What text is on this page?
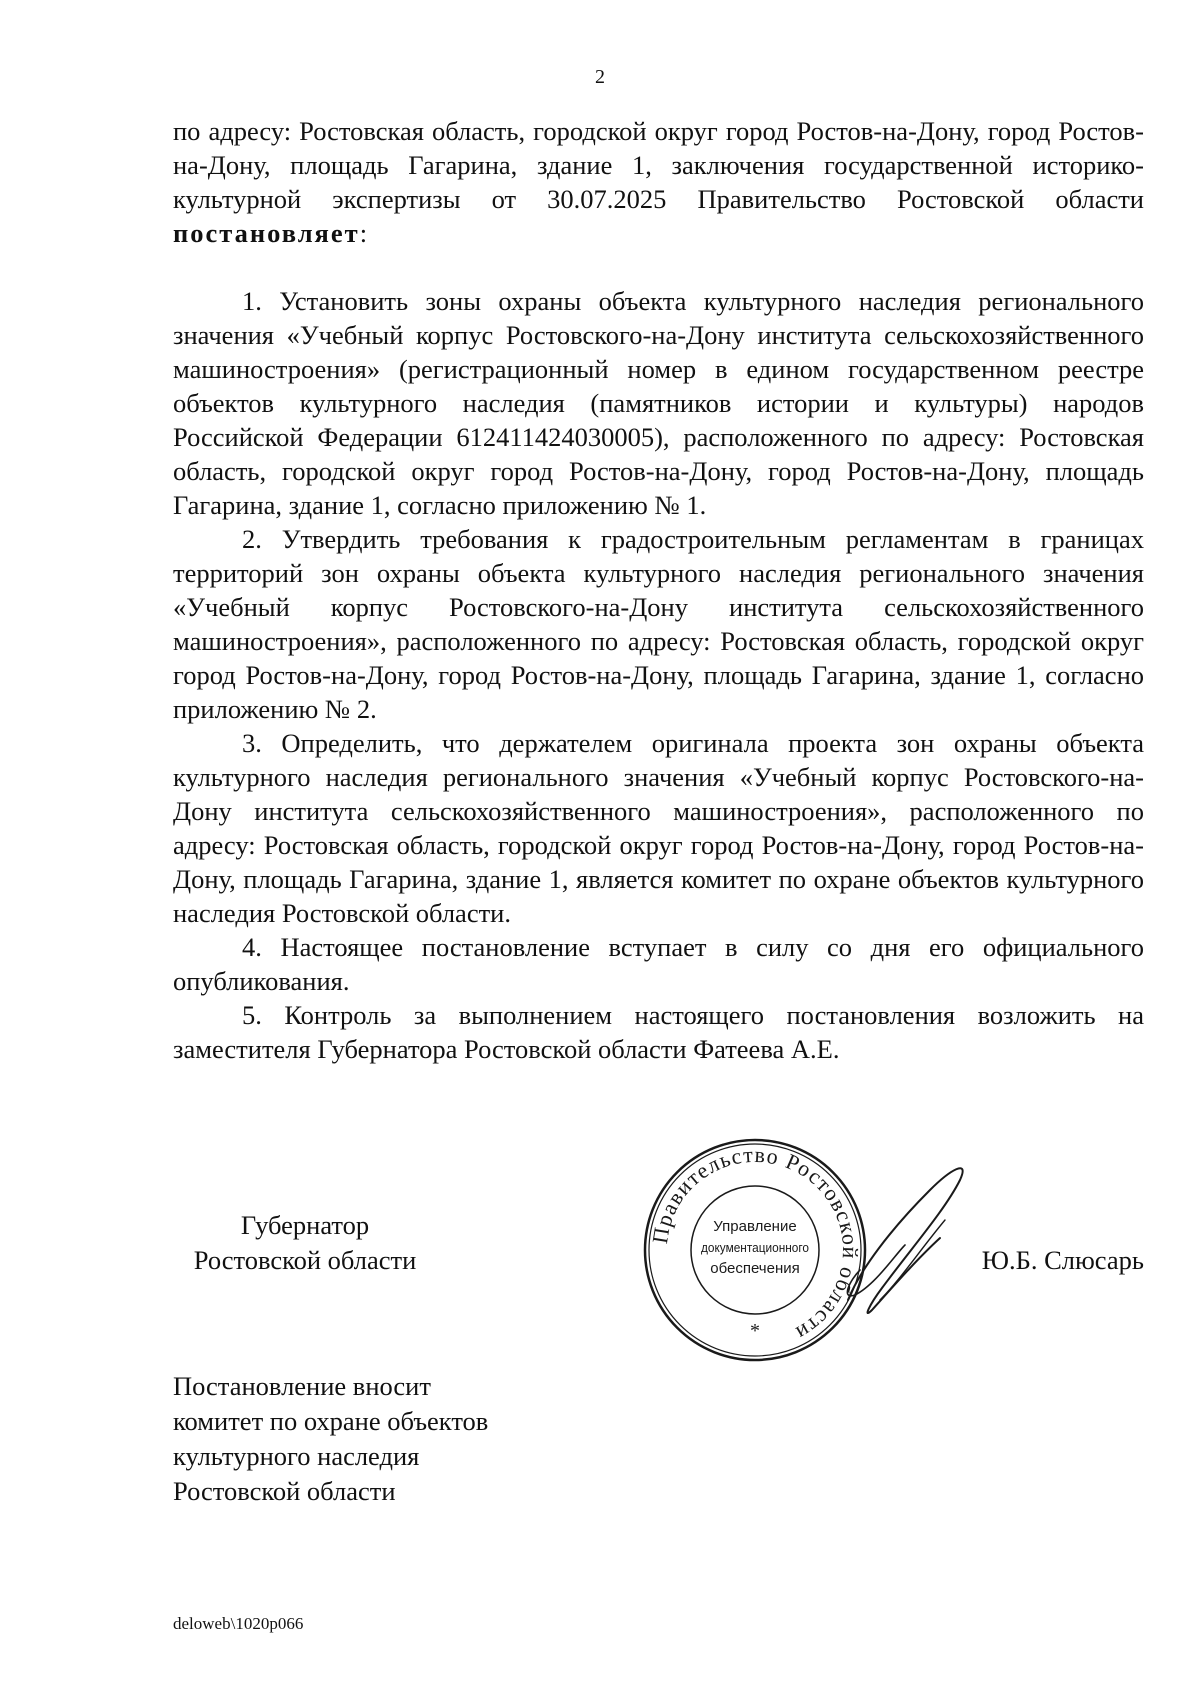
2

по адресу: Ростовская область, городской округ город Ростов-на-Дону, город Ростов-на-Дону, площадь Гагарина, здание 1, заключения государственной историко-культурной экспертизы от 30.07.2025 Правительство Ростовской области постановляет:

1. Установить зоны охраны объекта культурного наследия регионального значения «Учебный корпус Ростовского-на-Дону института сельскохозяйственного машиностроения» (регистрационный номер в едином государственном реестре объектов культурного наследия (памятников истории и культуры) народов Российской Федерации 612411424030005), расположенного по адресу: Ростовская область, городской округ город Ростов-на-Дону, город Ростов-на-Дону, площадь Гагарина, здание 1, согласно приложению № 1.

2. Утвердить требования к градостроительным регламентам в границах территорий зон охраны объекта культурного наследия регионального значения «Учебный корпус Ростовского-на-Дону института сельскохозяйственного машиностроения», расположенного по адресу: Ростовская область, городской округ город Ростов-на-Дону, город Ростов-на-Дону, площадь Гагарина, здание 1, согласно приложению № 2.

3. Определить, что держателем оригинала проекта зон охраны объекта культурного наследия регионального значения «Учебный корпус Ростовского-на-Дону института сельскохозяйственного машиностроения», расположенного по адресу: Ростовская область, городской округ город Ростов-на-Дону, город Ростов-на-Дону, площадь Гагарина, здание 1, является комитет по охране объектов культурного наследия Ростовской области.

4. Настоящее постановление вступает в силу со дня его официального опубликования.

5. Контроль за выполнением настоящего постановления возложить на заместителя Губернатора Ростовской области Фатеева А.Е.

Губернатор
Ростовской области
Правительство Ростовской области
Управление
документационного
обеспечения
*
Ю.Б. Слюсарь
Постановление вносит
комитет по охране объектов
культурного наследия
Ростовской области
deloweb\1020р066
